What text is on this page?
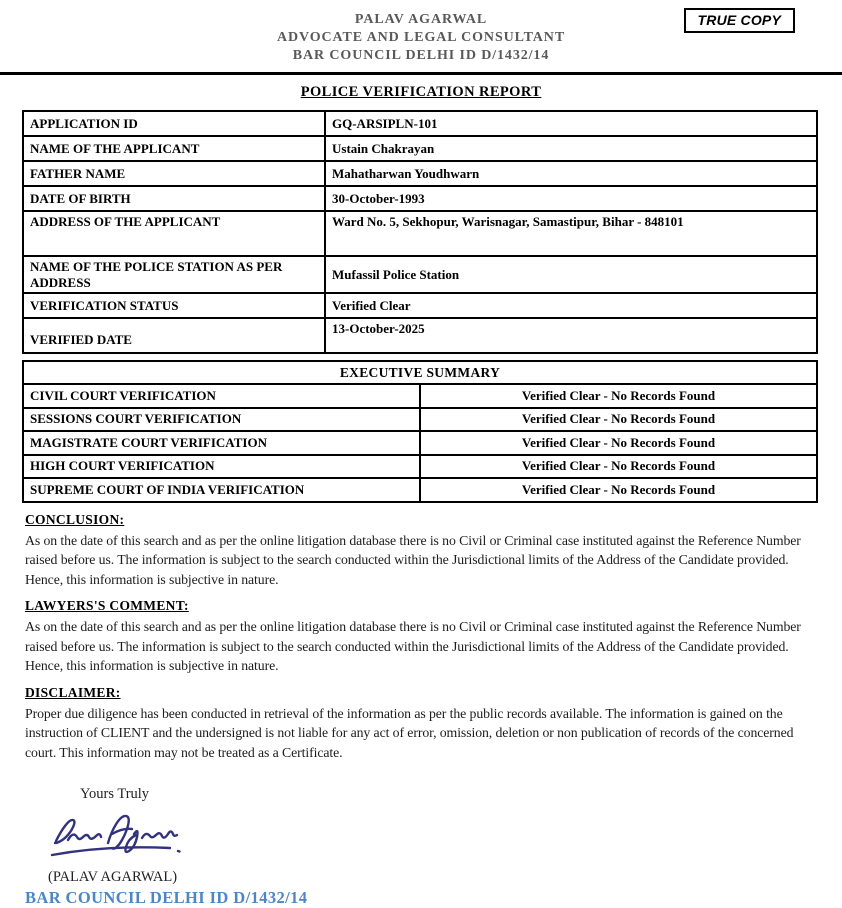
PALAV AGARWAL
ADVOCATE AND LEGAL CONSULTANT
BAR COUNCIL DELHI ID D/1432/14
TRUE COPY
POLICE VERIFICATION REPORT
APPLICATION ID	GQ-ARSIPLN-101
NAME OF THE APPLICANT	Ustain Chakrayan
FATHER NAME	Mahatharwan Youdhwarn
DATE OF BIRTH	30-October-1993
ADDRESS OF THE APPLICANT	Ward No. 5, Sekhopur, Warisnagar, Samastipur, Bihar - 848101
NAME OF THE POLICE STATION AS PER ADDRESS	Mufassil Police Station
VERIFICATION STATUS	Verified Clear
VERIFIED DATE	13-October-2025
EXECUTIVE SUMMARY	
CIVIL COURT VERIFICATION	Verified Clear - No Records Found
SESSIONS COURT VERIFICATION	Verified Clear - No Records Found
MAGISTRATE COURT VERIFICATION	Verified Clear - No Records Found
HIGH COURT VERIFICATION	Verified Clear - No Records Found
SUPREME COURT OF INDIA VERIFICATION	Verified Clear - No Records Found
CONCLUSION:
As on the date of this search and as per the online litigation database there is no Civil or Criminal case instituted against the Reference Number raised before us. The information is subject to the search conducted within the Jurisdictional limits of the Address of the Candidate provided. Hence, this information is subjective in nature.
LAWYERS'S COMMENT:
As on the date of this search and as per the online litigation database there is no Civil or Criminal case instituted against the Reference Number raised before us. The information is subject to the search conducted within the Jurisdictional limits of the Address of the Candidate provided. Hence, this information is subjective in nature.
DISCLAIMER:
Proper due diligence has been conducted in retrieval of the information as per the public records available. The information is gained on the instruction of CLIENT and the undersigned is not liable for any act of error, omission, deletion or non publication of records of the concerned court. This information may not be treated as a Certificate.
Yours Truly
(PALAV AGARWAL)
BAR COUNCIL DELHI ID D/1432/14
